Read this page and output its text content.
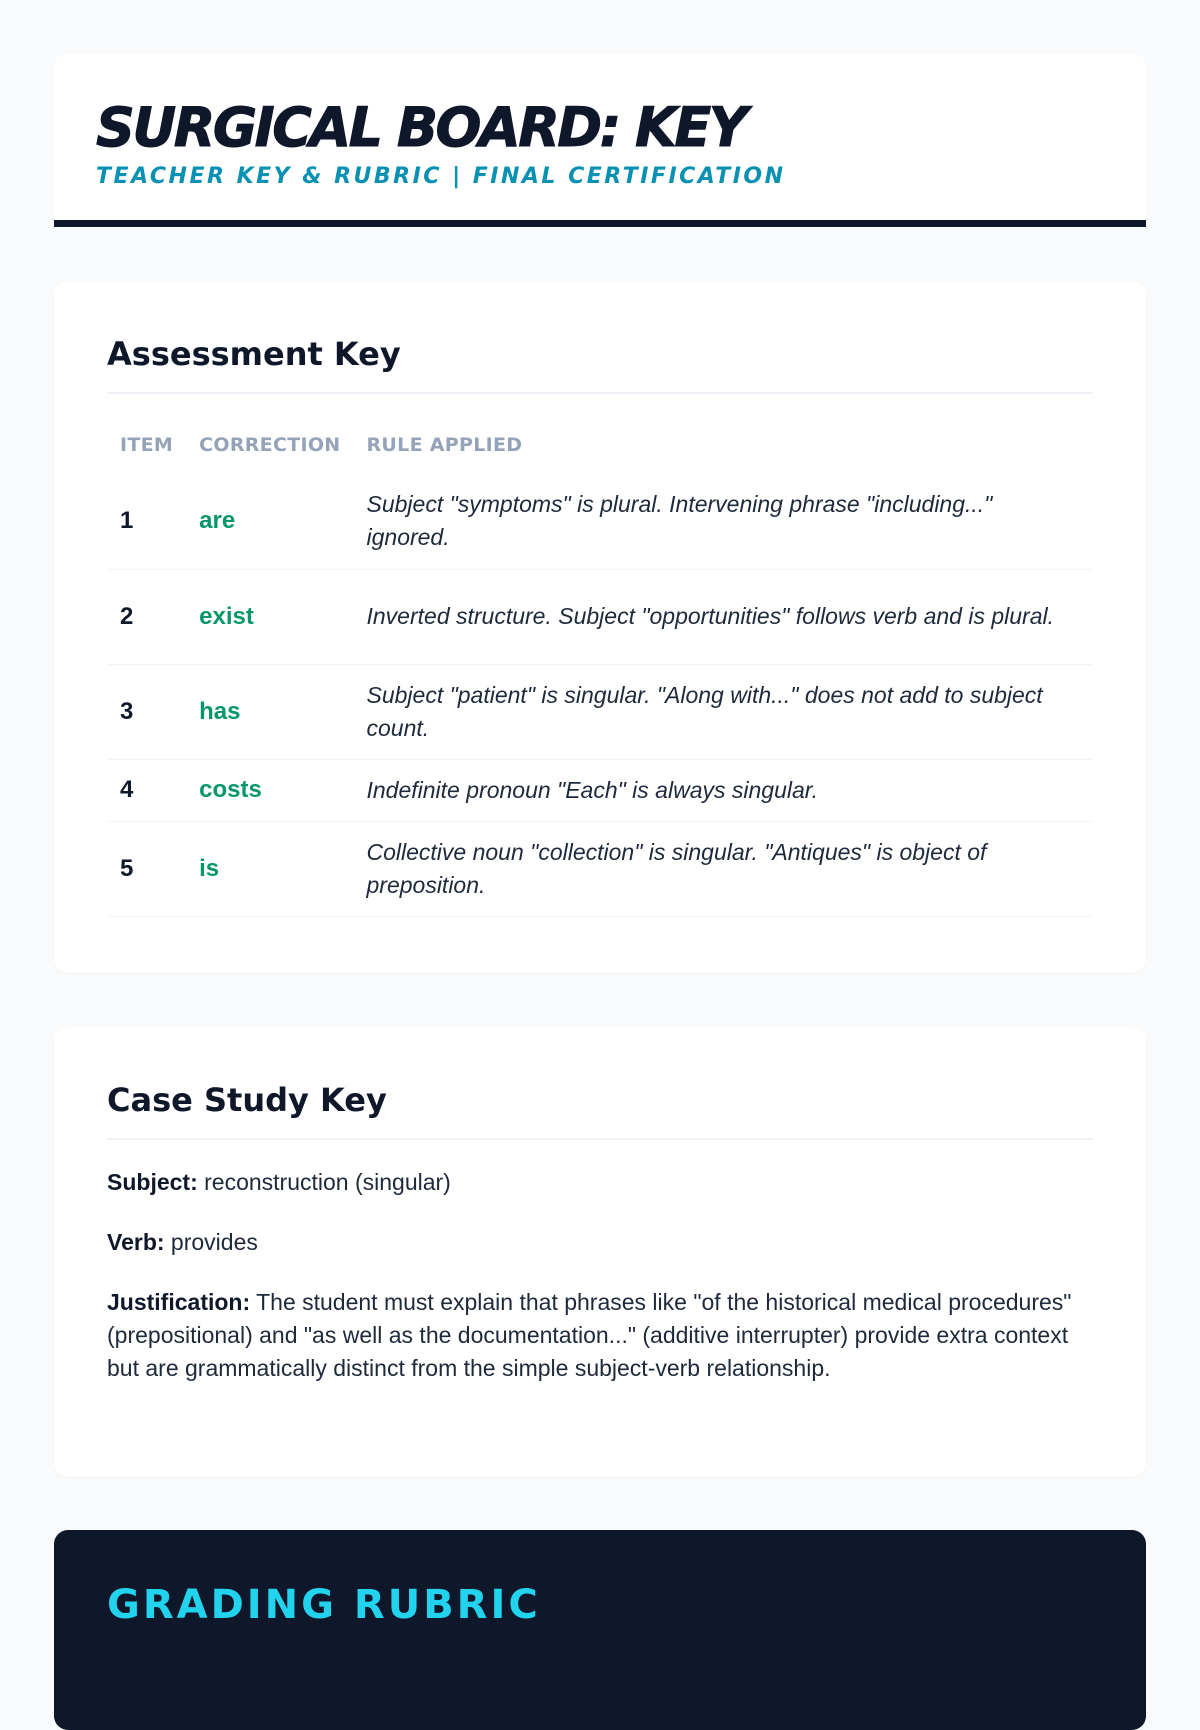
SURGICAL BOARD: KEY
TEACHER KEY & RUBRIC | FINAL CERTIFICATION
Assessment Key
ITEM	CORRECTION	RULE APPLIED
1	are	Subject "symptoms" is plural. Intervening phrase "including..." ignored.
2	exist	Inverted structure. Subject "opportunities" follows verb and is plural.
3	has	Subject "patient" is singular. "Along with..." does not add to subject count.
4	costs	Indefinite pronoun "Each" is always singular.
5	is	Collective noun "collection" is singular. "Antiques" is object of preposition.
Case Study Key

Subject: reconstruction (singular)

Verb: provides

Justification: The student must explain that phrases like "of the historical medical procedures" (prepositional) and "as well as the documentation..." (additive interrupter) provide extra context but are grammatically distinct from the simple subject-verb relationship.

GRADING RUBRIC
